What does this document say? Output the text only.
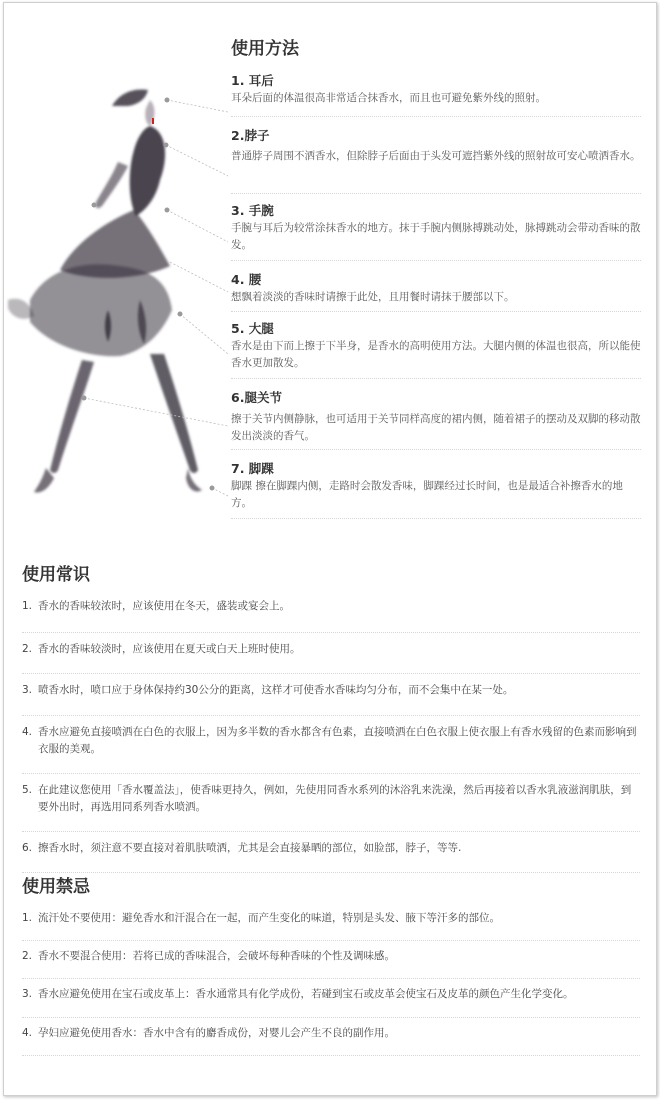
使用方法
1. 耳后
耳朵后面的体温很高非常适合抹香水，而且也可避免紫外线的照射。
2.脖子
普通脖子周围不洒香水，但除脖子后面由于头发可遮挡紫外线的照射故可安心喷洒香水。
3. 手腕
手腕与耳后为较常涂抹香水的地方。抹于手腕内侧脉搏跳动处，脉搏跳动会带动香味的散发。
4. 腰
想飘着淡淡的香味时请擦于此处，且用餐时请抹于腰部以下。
5. 大腿
香水是由下而上擦于下半身，是香水的高明使用方法。大腿内侧的体温也很高，所以能使香水更加散发。
6.腿关节
擦于关节内侧静脉，也可适用于关节同样高度的裙内侧，随着裙子的摆动及双脚的移动散发出淡淡的香气。
7. 脚踝
脚踝 擦在脚踝内侧，走路时会散发香味，脚踝经过长时间，也是最适合补擦香水的地方。
使用常识
1. 香水的香味较浓时，应该使用在冬天，盛装或宴会上。
2. 香水的香味较淡时，应该使用在夏天或白天上班时使用。
3. 喷香水时，喷口应于身体保持约30公分的距离，这样才可使香水香味均匀分布，而不会集中在某一处。
4. 香水应避免直接喷洒在白色的衣服上，因为多半数的香水都含有色素，直接喷洒在白色衣服上使衣服上有香水残留的色素而影响到衣服的美观。
5. 在此建议您使用「香水覆盖法」，使香味更持久，例如，先使用同香水系列的沐浴乳来洗澡，然后再接着以香水乳液滋润肌肤，到要外出时，再选用同系列香水喷洒。
6. 擦香水时，须注意不要直接对着肌肤喷洒，尤其是会直接暴晒的部位，如脸部，脖子，等等.
使用禁忌
1. 流汗处不要使用：避免香水和汗混合在一起，而产生变化的味道，特别是头发、腋下等汗多的部位。
2. 香水不要混合使用：若将已成的香味混合，会破坏每种香味的个性及调味感。
3. 香水应避免使用在宝石或皮革上：香水通常具有化学成份，若碰到宝石或皮革会使宝石及皮革的颜色产生化学变化。
4. 孕妇应避免使用香水：香水中含有的麝香成份，对婴儿会产生不良的副作用。
